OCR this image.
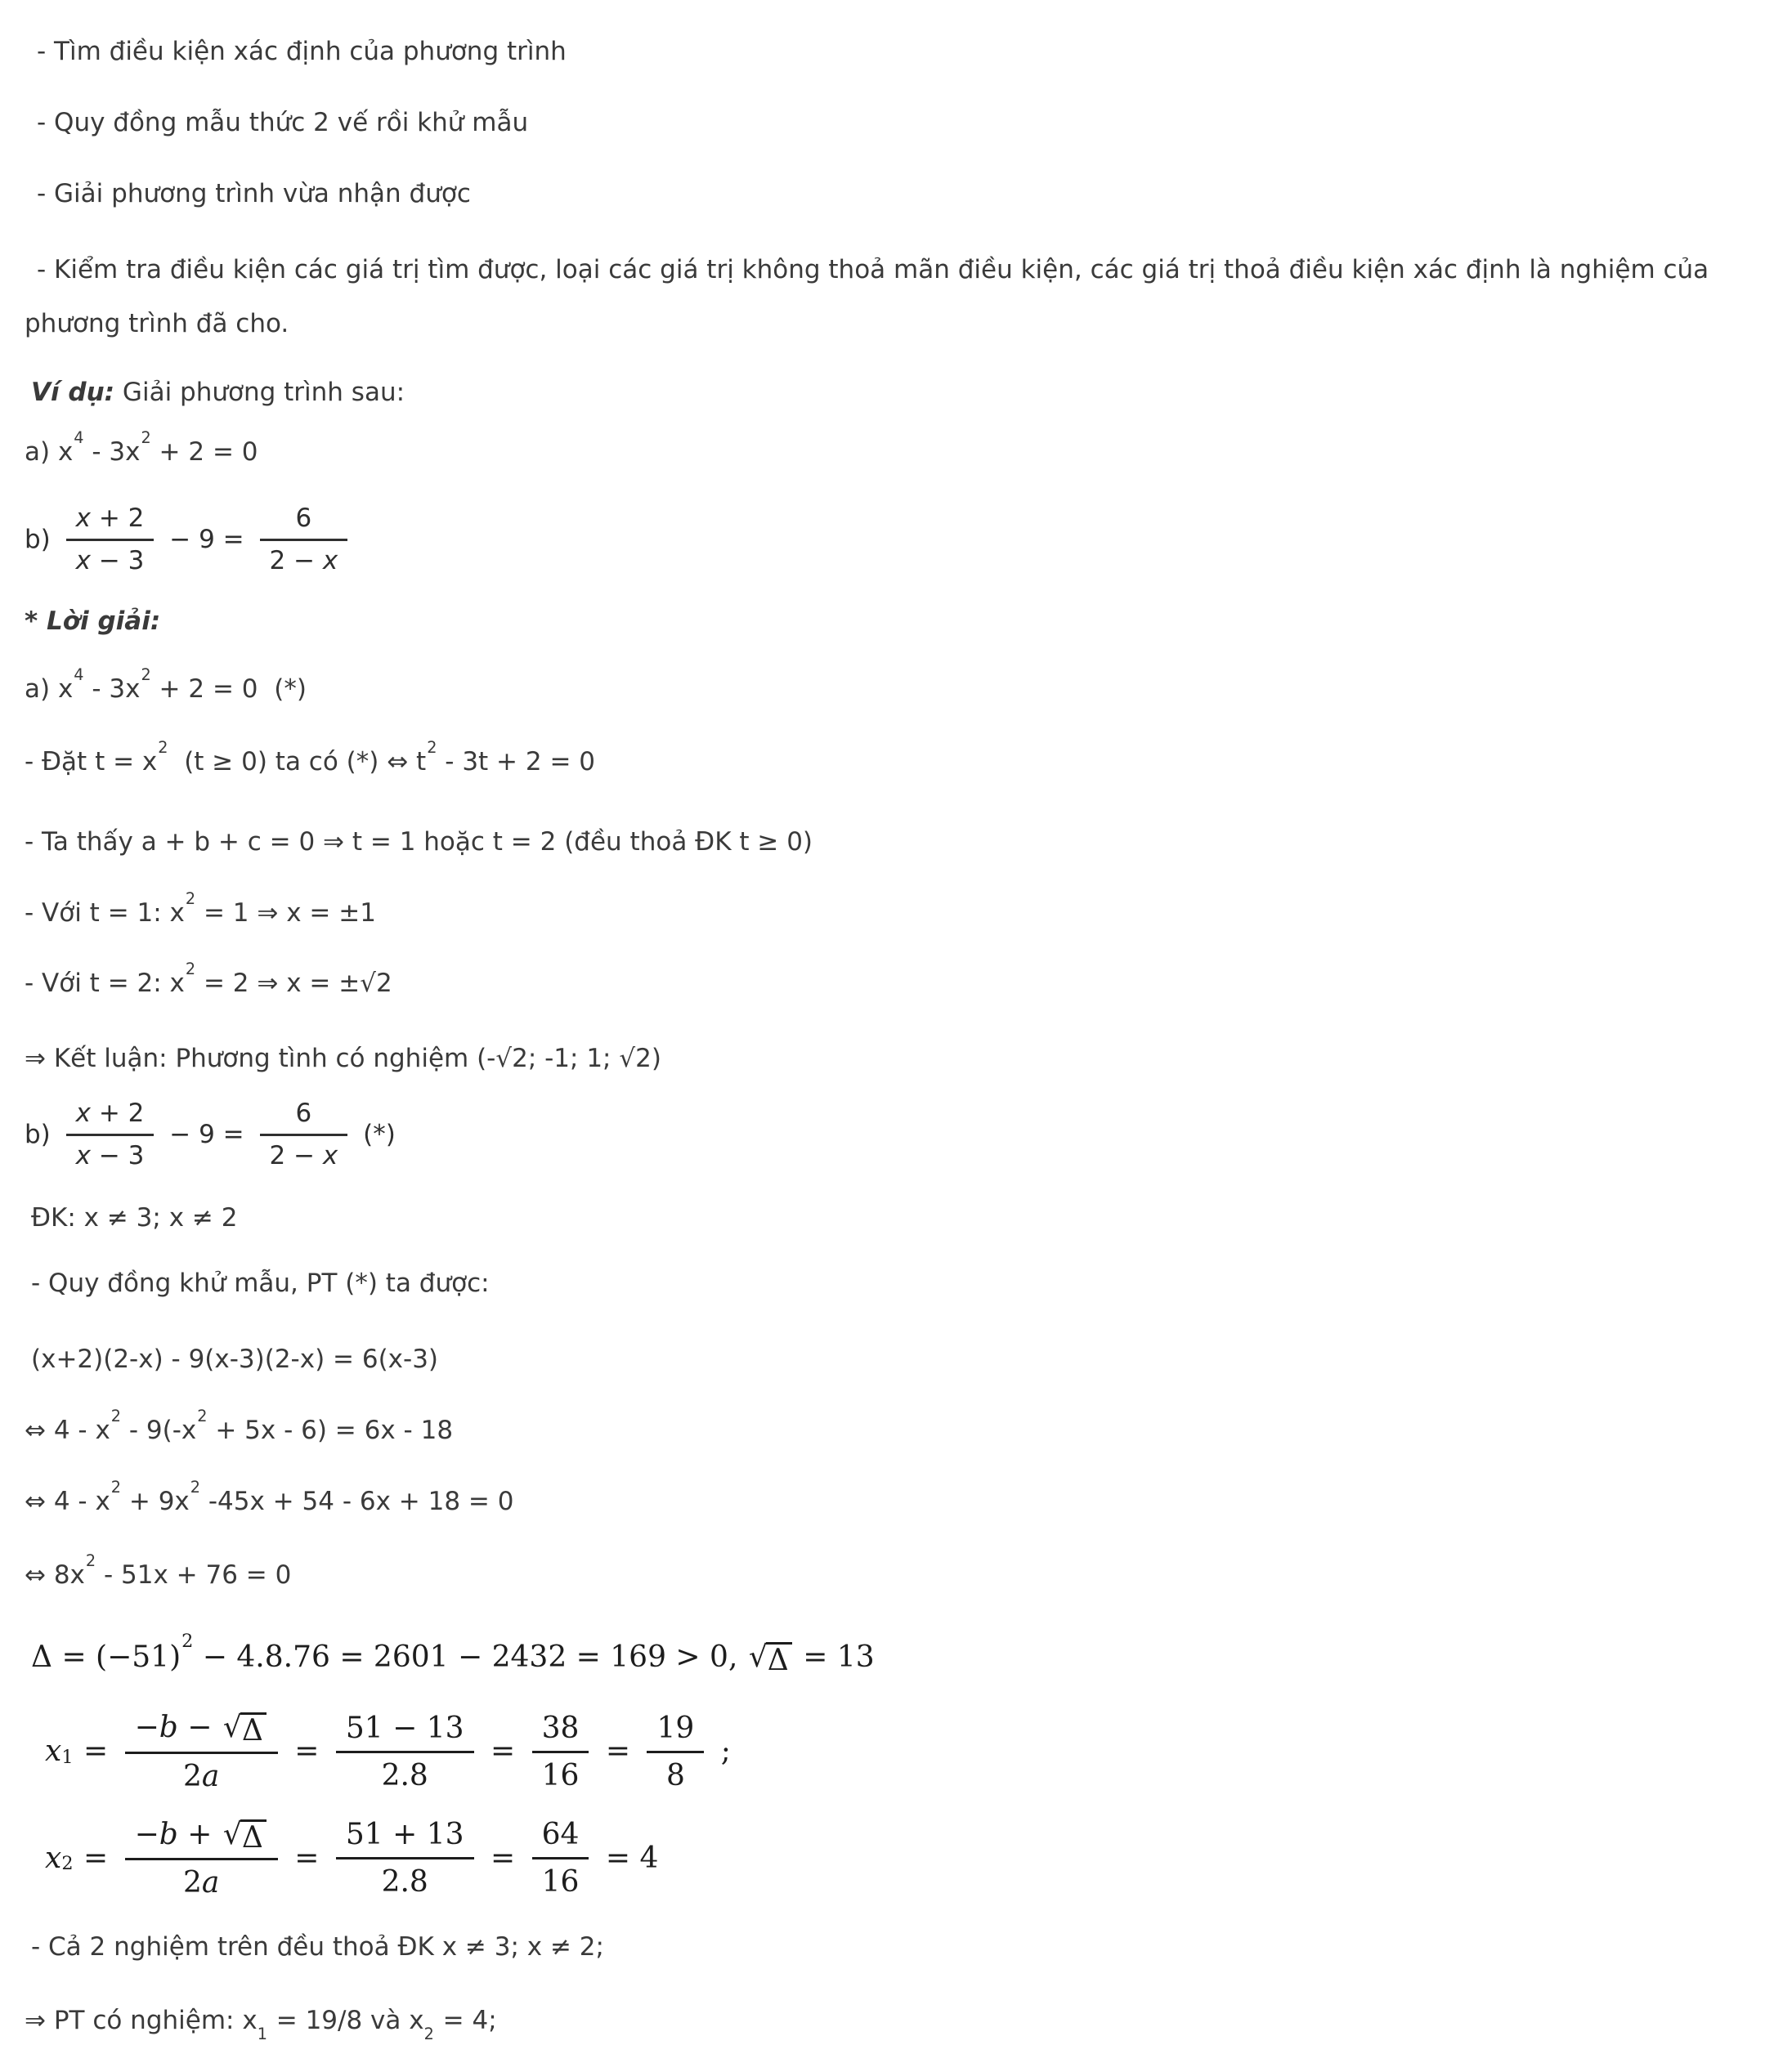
- Tìm điều kiện xác định của phương trình
- Quy đồng mẫu thức 2 vế rồi khử mẫu
- Giải phương trình vừa nhận được
- Kiểm tra điều kiện các giá trị tìm được, loại các giá trị không thoả mãn điều kiện, các giá trị thoả điều kiện xác định là nghiệm của phương trình đã cho.
Ví dụ: Giải phương trình sau:
a) $x^4 - 3x^2 + 2 = 0$
$b) \frac{x + 2}{x - 3} - 9 = \frac{6}{2 - x}$
* Lời giải:
a) $x^4 - 3x^2 + 2 = 0$  (*)
- Đặt $t = x^2$  (t ≥ 0) ta có (*) ⇔ $t^2 - 3t + 2 = 0$
- Ta thấy a + b + c = 0 ⇒ t = 1 hoặc t = 2 (đều thoả ĐK t ≥ 0)
- Với t = 1: $x^2 = 1$ ⇒ x = ±1
- Với t = 2: $x^2 = 2$ ⇒ x = ±√2
⇒ Kết luận: Phương tình có nghiệm (-√2; -1; 1; √2)
$b) \frac{x + 2}{x - 3} - 9 = \frac{6}{2 - x}$ (*)
ĐK: x ≠ 3; x ≠ 2
- Quy đồng khử mẫu, PT (*) ta được:
(x+2)(2-x) - 9(x-3)(2-x) = 6(x-3)
⇔ $4 - x^2 - 9(-x^2 + 5x - 6) = 6x - 18$
⇔ $4 - x^2 + 9x^2$ -45x + 54 - 6x + 18 = 0
⇔ $8x^2 - 51x + 76 = 0$
$\Delta = (-51)^2 - 4.8.76 = 2601 - 2432 = 169 > 0$, √ Δ = 13
$x_1 = \frac{-b - √ \Delta}{2a} = \frac{51 - 13}{2.8} = \frac{38}{16} = \frac{19}{8}$ ;
$x_2 = \frac{-b + √ \Delta}{2a} = \frac{51 + 13}{2.8} = \frac{64}{16} = 4$
- Cả 2 nghiệm trên đều thoả ĐK x ≠ 3; x ≠ 2;
⇒ PT có nghiệm: $x_1 = 19/8$ và $x_2 = 4$;
